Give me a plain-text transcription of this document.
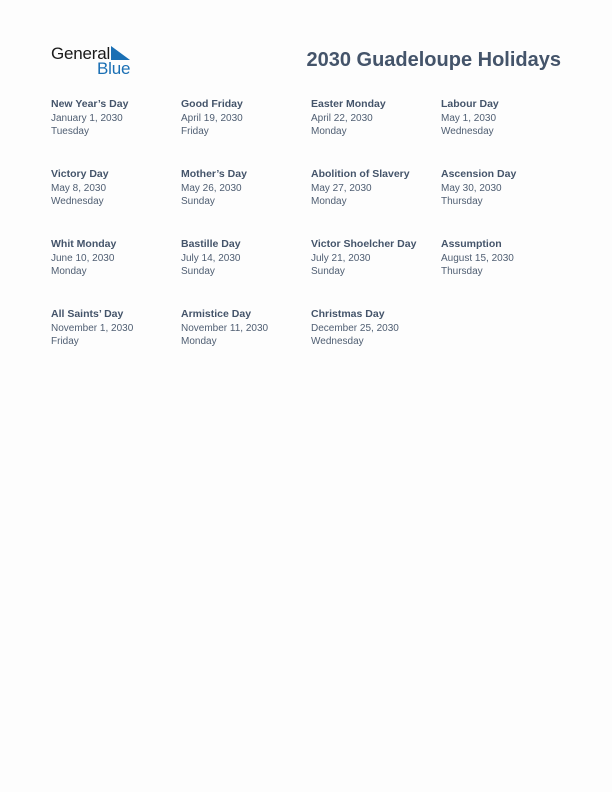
General
Blue	2030 Guadeloupe Holidays
New Year’s Day
January 1, 2030
Tuesday
Good Friday
April 19, 2030
Friday
Easter Monday
April 22, 2030
Monday
Labour Day
May 1, 2030
Wednesday
Victory Day
May 8, 2030
Wednesday
Mother’s Day
May 26, 2030
Sunday
Abolition of Slavery
May 27, 2030
Monday
Ascension Day
May 30, 2030
Thursday
Whit Monday
June 10, 2030
Monday
Bastille Day
July 14, 2030
Sunday
Victor Shoelcher Day
July 21, 2030
Sunday
Assumption
August 15, 2030
Thursday
All Saints’ Day
November 1, 2030
Friday
Armistice Day
November 11, 2030
Monday
Christmas Day
December 25, 2030
Wednesday
